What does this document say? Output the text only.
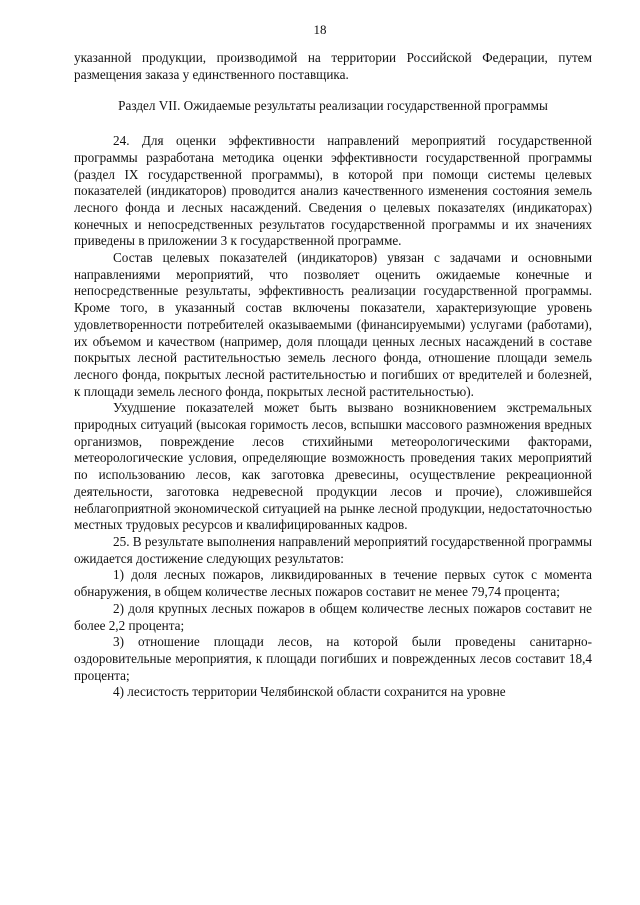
18

указанной продукции, производимой на территории Российской Федерации, путем размещения заказа у единственного поставщика.

Раздел VII. Ожидаемые результаты реализации государственной программы

24. Для оценки эффективности направлений мероприятий государственной программы разработана методика оценки эффективности государственной программы (раздел IX государственной программы), в которой при помощи системы целевых показателей (индикаторов) проводится анализ качественного изменения состояния земель лесного фонда и лесных насаждений. Сведения о целевых показателях (индикаторах) конечных и непосредственных результатов государственной программы и их значениях приведены в приложении 3 к государственной программе.

Состав целевых показателей (индикаторов) увязан с задачами и основными направлениями мероприятий, что позволяет оценить ожидаемые конечные и непосредственные результаты, эффективность реализации государственной программы. Кроме того, в указанный состав включены показатели, характеризующие уровень удовлетворенности потребителей оказываемыми (финансируемыми) услугами (работами), их объемом и качеством (например, доля площади ценных лесных насаждений в составе покрытых лесной растительностью земель лесного фонда, отношение площади земель лесного фонда, покрытых лесной растительностью и погибших от вредителей и болезней, к площади земель лесного фонда, покрытых лесной растительностью).

Ухудшение показателей может быть вызвано возникновением экстремальных природных ситуаций (высокая горимость лесов, вспышки массового размножения вредных организмов, повреждение лесов стихийными метеорологическими факторами, метеорологические условия, определяющие возможность проведения таких мероприятий по использованию лесов, как заготовка древесины, осуществление рекреационной деятельности, заготовка недревесной продукции лесов и прочие), сложившейся неблагоприятной экономической ситуацией на рынке лесной продукции, недостаточностью местных трудовых ресурсов и квалифицированных кадров.

25. В результате выполнения направлений мероприятий государственной программы ожидается достижение следующих результатов:

1) доля лесных пожаров, ликвидированных в течение первых суток с момента обнаружения, в общем количестве лесных пожаров составит не менее 79,74 процента;

2) доля крупных лесных пожаров в общем количестве лесных пожаров составит не более 2,2 процента;

3) отношение площади лесов, на которой были проведены санитарно-оздоровительные мероприятия, к площади погибших и поврежденных лесов составит 18,4 процента;

4) лесистость территории Челябинской области сохранится на уровне
